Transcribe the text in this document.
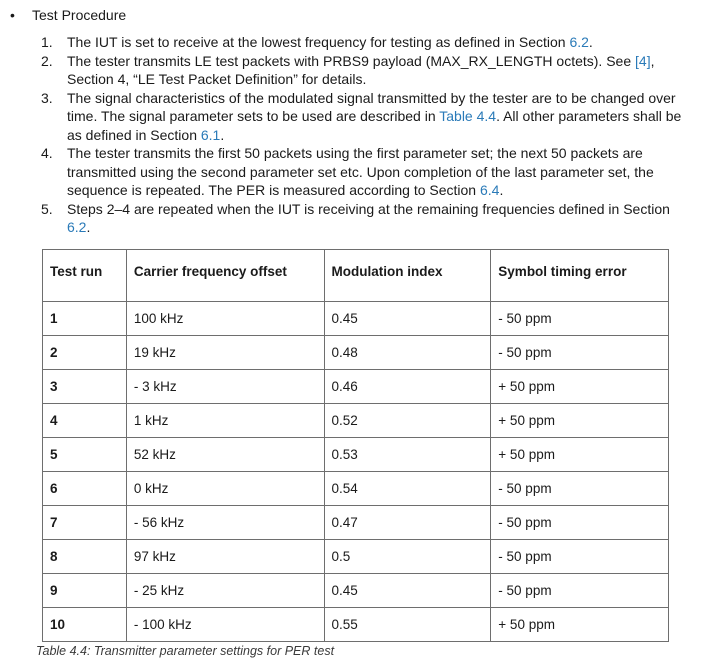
• Test Procedure
1. The IUT is set to receive at the lowest frequency for testing as defined in Section 6.2.
2. The tester transmits LE test packets with PRBS9 payload (MAX_RX_LENGTH octets). See [4], Section 4, “LE Test Packet Definition” for details.
3. The signal characteristics of the modulated signal transmitted by the tester are to be changed over time. The signal parameter sets to be used are described in Table 4.4. All other parameters shall be as defined in Section 6.1.
4. The tester transmits the first 50 packets using the first parameter set; the next 50 packets are transmitted using the second parameter set etc. Upon completion of the last parameter set, the sequence is repeated. The PER is measured according to Section 6.4.
5. Steps 2–4 are repeated when the IUT is receiving at the remaining frequencies defined in Section 6.2.
Test run	Carrier frequency offset	Modulation index	Symbol timing error
1	100 kHz	0.45	- 50 ppm
2	19 kHz	0.48	- 50 ppm
3	- 3 kHz	0.46	+ 50 ppm
4	1 kHz	0.52	+ 50 ppm
5	52 kHz	0.53	+ 50 ppm
6	0 kHz	0.54	- 50 ppm
7	- 56 kHz	0.47	- 50 ppm
8	97 kHz	0.5	- 50 ppm
9	- 25 kHz	0.45	- 50 ppm
10	- 100 kHz	0.55	+ 50 ppm
Table 4.4: Transmitter parameter settings for PER test
